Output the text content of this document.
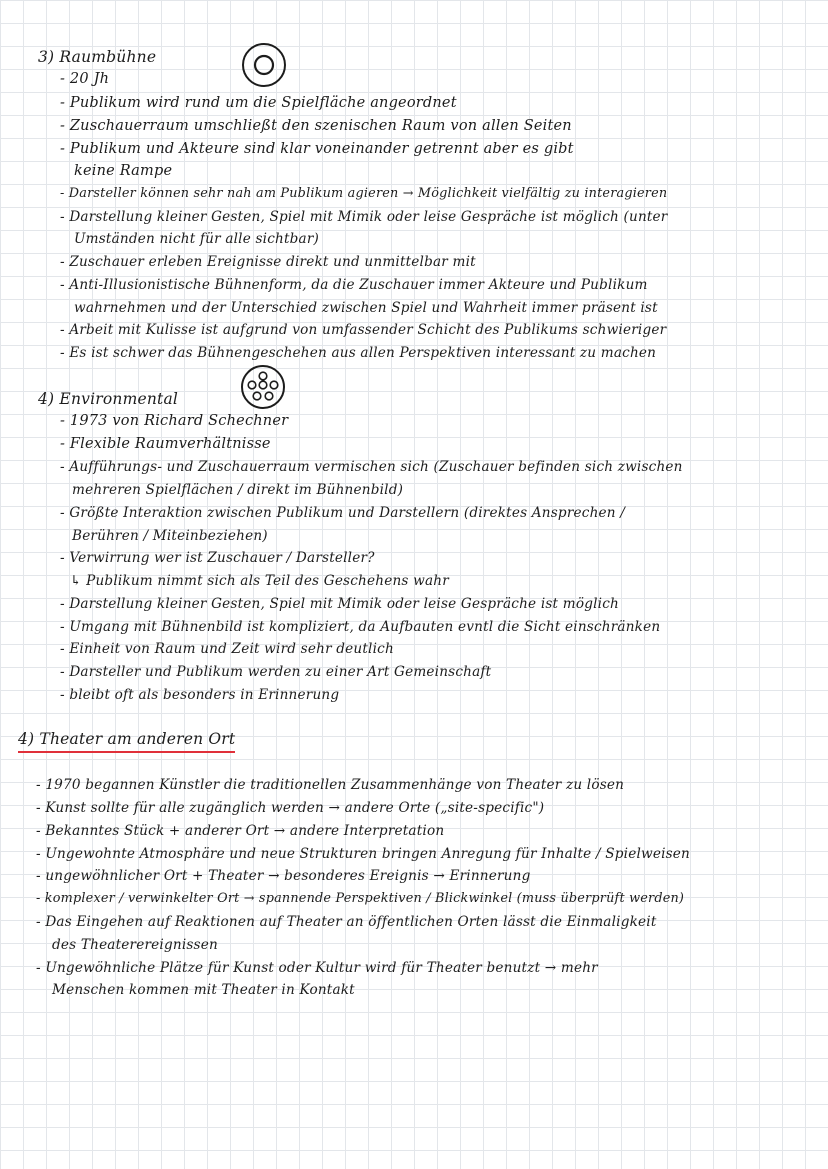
3) Raumbühne
- 20 Jh
- Publikum wird rund um die Spielfläche angeordnet
- Zuschauerraum umschließt den szenischen Raum von allen Seiten
- Publikum und Akteure sind klar voneinander getrennt aber es gibt
keine Rampe
- Darsteller können sehr nah am Publikum agieren → Möglichkeit vielfältig zu interagieren
- Darstellung kleiner Gesten, Spiel mit Mimik oder leise Gespräche ist möglich (unter
Umständen nicht für alle sichtbar)
- Zuschauer erleben Ereignisse direkt und unmittelbar mit
- Anti-Illusionistische Bühnenform, da die Zuschauer immer Akteure und Publikum
wahrnehmen und der Unterschied zwischen Spiel und Wahrheit immer präsent ist
- Arbeit mit Kulisse ist aufgrund von umfassender Schicht des Publikums schwieriger
- Es ist schwer das Bühnengeschehen aus allen Perspektiven interessant zu machen
4) Environmental
- 1973 von Richard Schechner
- Flexible Raumverhältnisse
- Aufführungs- und Zuschauerraum vermischen sich (Zuschauer befinden sich zwischen
mehreren Spielflächen / direkt im Bühnenbild)
- Größte Interaktion zwischen Publikum und Darstellern (direktes Ansprechen /
Berühren / Miteinbeziehen)
- Verwirrung wer ist Zuschauer / Darsteller?
↳ Publikum nimmt sich als Teil des Geschehens wahr
- Darstellung kleiner Gesten, Spiel mit Mimik oder leise Gespräche ist möglich
- Umgang mit Bühnenbild ist kompliziert, da Aufbauten evntl die Sicht einschränken
- Einheit von Raum und Zeit wird sehr deutlich
- Darsteller und Publikum werden zu einer Art Gemeinschaft
- bleibt oft als besonders in Erinnerung
4) Theater am anderen Ort
- 1970 begannen Künstler die traditionellen Zusammenhänge von Theater zu lösen
- Kunst sollte für alle zugänglich werden → andere Orte („site-specific")
- Bekanntes Stück + anderer Ort → andere Interpretation
- Ungewohnte Atmosphäre und neue Strukturen bringen Anregung für Inhalte / Spielweisen
- ungewöhnlicher Ort + Theater → besonderes Ereignis → Erinnerung
- komplexer / verwinkelter Ort → spannende Perspektiven / Blickwinkel (muss überprüft werden)
- Das Eingehen auf Reaktionen auf Theater an öffentlichen Orten lässt die Einmaligkeit
des Theaterereignissen
- Ungewöhnliche Plätze für Kunst oder Kultur wird für Theater benutzt → mehr
Menschen kommen mit Theater in Kontakt
